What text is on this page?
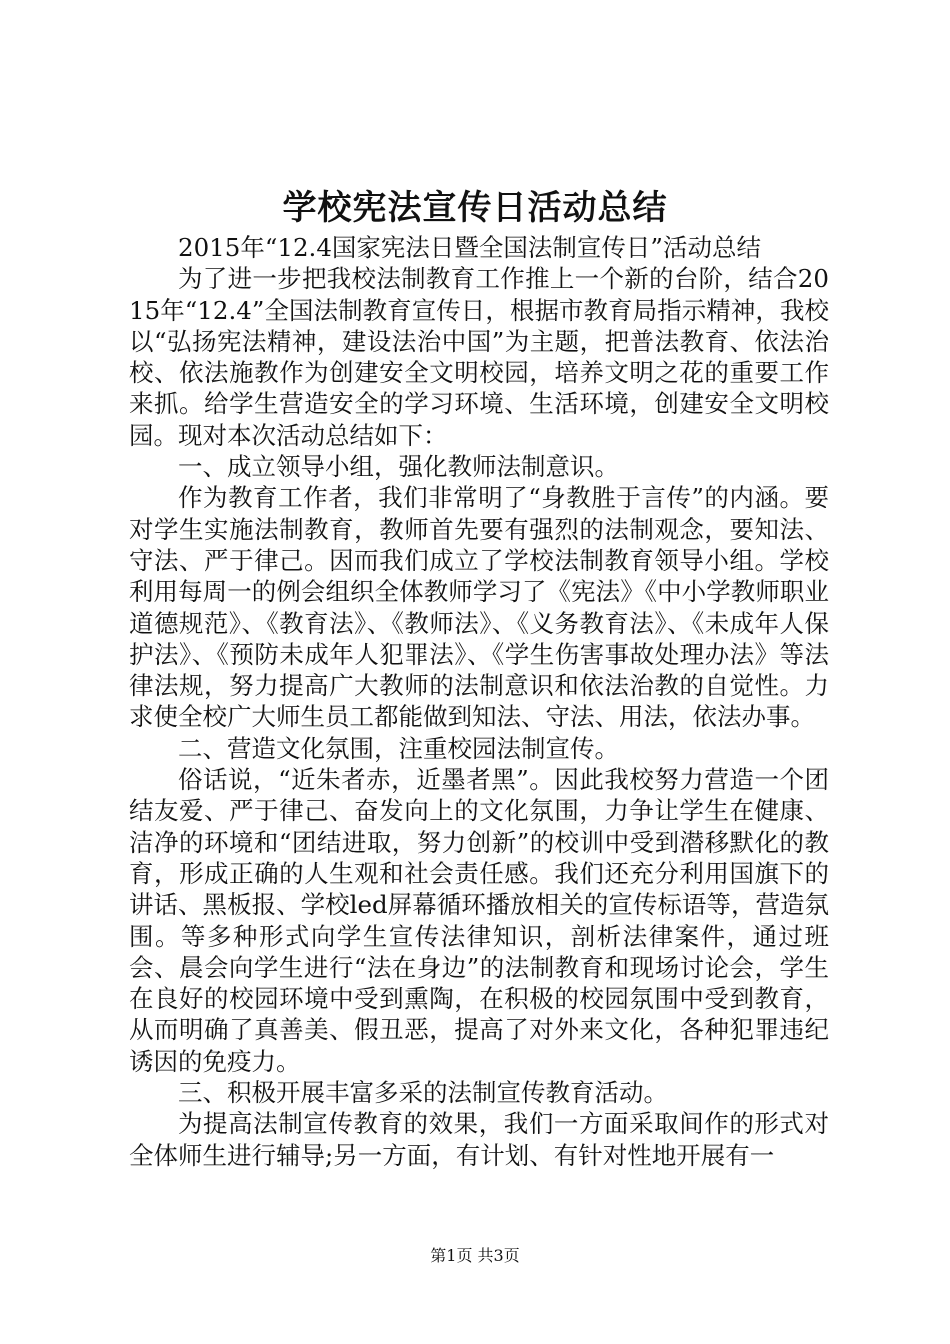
学校宪法宣传日活动总结

2015年“12.4国家宪法日暨全国法制宣传日”活动总结

为了进一步把我校法制教育工作推上一个新的台阶，结合2015年“12.4”全国法制教育宣传日，根据市教育局指示精神，我校以“弘扬宪法精神，建设法治中国”为主题，把普法教育、依法治校、依法施教作为创建安全文明校园，培养文明之花的重要工作来抓。给学生营造安全的学习环境、生活环境，创建安全文明校园。现对本次活动总结如下：

一、成立领导小组，强化教师法制意识。

作为教育工作者，我们非常明了“身教胜于言传”的内涵。要对学生实施法制教育，教师首先要有强烈的法制观念，要知法、守法、严于律己。因而我们成立了学校法制教育领导小组。学校利用每周一的例会组织全体教师学习了《宪法》《中小学教师职业道德规范》、《教育法》、《教师法》、《义务教育法》、《未成年人保护法》、《预防未成年人犯罪法》、《学生伤害事故处理办法》等法律法规，努力提高广大教师的法制意识和依法治教的自觉性。力求使全校广大师生员工都能做到知法、守法、用法，依法办事。

二、营造文化氛围，注重校园法制宣传。

俗话说，“近朱者赤，近墨者黑”。因此我校努力营造一个团结友爱、严于律己、奋发向上的文化氛围，力争让学生在健康、洁净的环境和“团结进取，努力创新”的校训中受到潜移默化的教育，形成正确的人生观和社会责任感。我们还充分利用国旗下的讲话、黑板报、学校led屏幕循环播放相关的宣传标语等，营造氛围。等多种形式向学生宣传法律知识，剖析法律案件，通过班会、晨会向学生进行“法在身边”的法制教育和现场讨论会，学生在良好的校园环境中受到熏陶，在积极的校园氛围中受到教育，从而明确了真善美、假丑恶，提高了对外来文化，各种犯罪违纪诱因的免疫力。

三、积极开展丰富多采的法制宣传教育活动。

为提高法制宣传教育的效果，我们一方面采取间作的形式对全体师生进行辅导;另一方面，有计划、有针对性地开展有一

第1页 共3页
